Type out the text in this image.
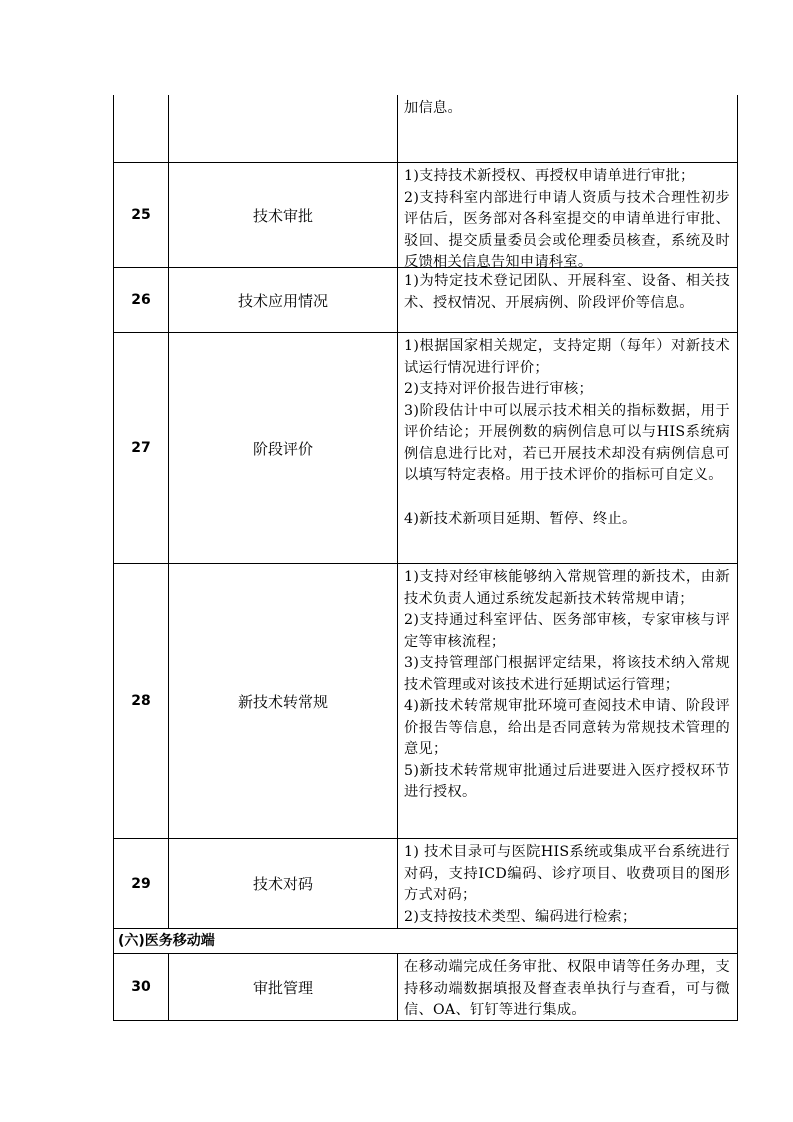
加信息。

25	技术审批

1)支持技术新授权、再授权申请单进行审批；

2)支持科室内部进行申请人资质与技术合理性初步评估后，医务部对各科室提交的申请单进行审批、驳回、提交质量委员会或伦理委员核查，系统及时反馈相关信息告知申请科室。

26	技术应用情况

1)为特定技术登记团队、开展科室、设备、相关技术、授权情况、开展病例、阶段评价等信息。

27	阶段评价

1)根据国家相关规定，支持定期（每年）对新技术试运行情况进行评价；

2)支持对评价报告进行审核；

3)阶段估计中可以展示技术相关的指标数据，用于评价结论；开展例数的病例信息可以与HIS系统病例信息进行比对，若已开展技术却没有病例信息可以填写特定表格。用于技术评价的指标可自定义。

4)新技术新项目延期、暂停、终止。

28	新技术转常规

1)支持对经审核能够纳入常规管理的新技术，由新技术负责人通过系统发起新技术转常规申请；

2)支持通过科室评估、医务部审核，专家审核与评定等审核流程；

3)支持管理部门根据评定结果，将该技术纳入常规技术管理或对该技术进行延期试运行管理；

4)新技术转常规审批环境可查阅技术申请、阶段评价报告等信息，给出是否同意转为常规技术管理的意见；

5)新技术转常规审批通过后进要进入医疗授权环节进行授权。

29	技术对码

1) 技术目录可与医院HIS系统或集成平台系统进行对码，支持ICD编码、诊疗项目、收费项目的图形方式对码；

2)支持按技术类型、编码进行检索；

(六)医务移动端
30	审批管理

在移动端完成任务审批、权限申请等任务办理，支持移动端数据填报及督查表单执行与查看，可与微信、OA、钉钉等进行集成。
